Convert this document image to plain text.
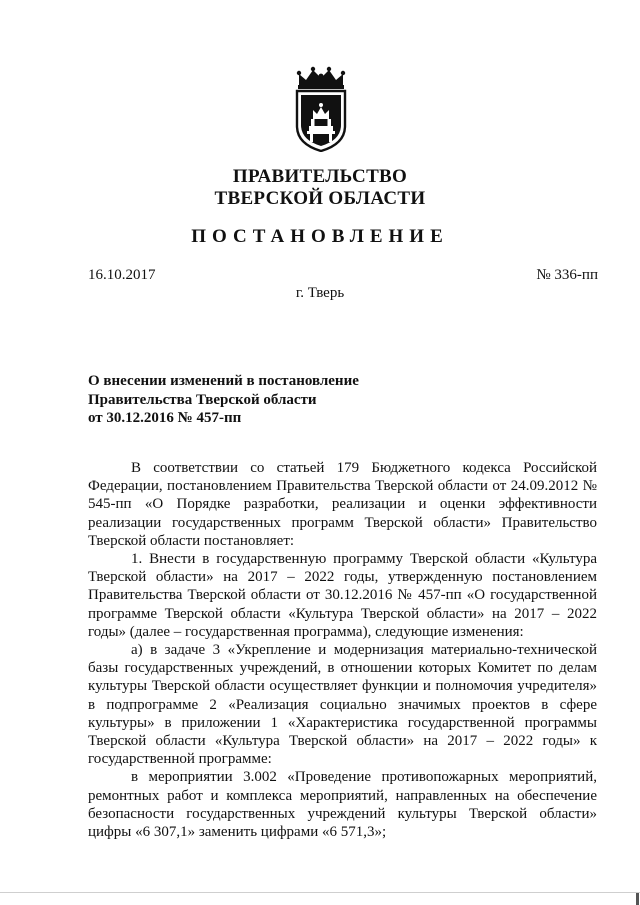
ПРАВИТЕЛЬСТВО
ТВЕРСКОЙ ОБЛАСТИ
ПОСТАНОВЛЕНИЕ
16.10.2017	№ 336-пп
г. Тверь
О внесении изменений в постановление
Правительства Тверской области
от 30.12.2016 № 457-пп

В соответствии со статьей 179 Бюджетного кодекса Российской Федерации, постановлением Правительства Тверской области от 24.09.2012 № 545-пп «О Порядке разработки, реализации и оценки эффективности реализации государственных программ Тверской области» Правительство Тверской области постановляет:

1. Внести в государственную программу Тверской области «Культура Тверской области» на 2017 – 2022 годы, утвержденную постановлением Правительства Тверской области от 30.12.2016 № 457-пп «О государственной программе Тверской области «Культура Тверской области» на 2017 – 2022 годы» (далее – государственная программа), следующие изменения:

а) в задаче 3 «Укрепление и модернизация материально-технической базы государственных учреждений, в отношении которых Комитет по делам культуры Тверской области осуществляет функции и полномочия учредителя» в подпрограмме 2 «Реализация социально значимых проектов в сфере культуры» в приложении 1 «Характеристика государственной программы Тверской области «Культура Тверской области» на 2017 – 2022 годы» к государственной программе:

в мероприятии 3.002 «Проведение противопожарных мероприятий, ремонтных работ и комплекса мероприятий, направленных на обеспечение безопасности государственных учреждений культуры Тверской области» цифры «6 307,1» заменить цифрами «6 571,3»;
